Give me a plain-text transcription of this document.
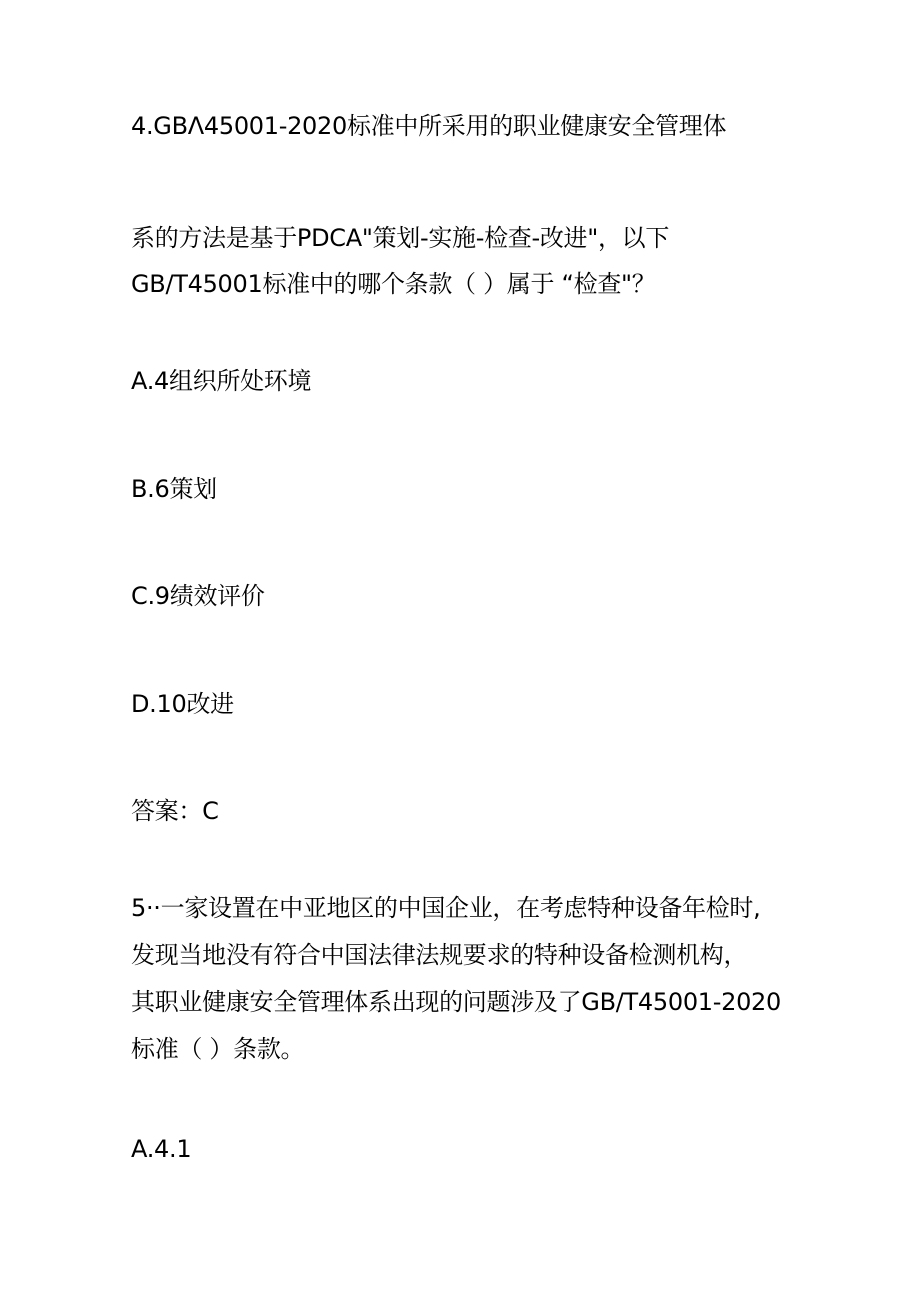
4.GBΛ45001-2020标准中所采用的职业健康安全管理体
系的方法是基于PDCA"策划-实施-检查-改进"，以下
GB/T45001标准中的哪个条款（ ）属于 “检查"？
A.4组织所处环境
B.6策划
C.9绩效评价
D.10改进
答案：C
5··一家设置在中亚地区的中国企业，在考虑特种设备年检时,
发现当地没有符合中国法律法规要求的特种设备检测机构，
其职业健康安全管理体系出现的问题涉及了GB/T45001-2020
标准（ ）条款。
A.4.1
